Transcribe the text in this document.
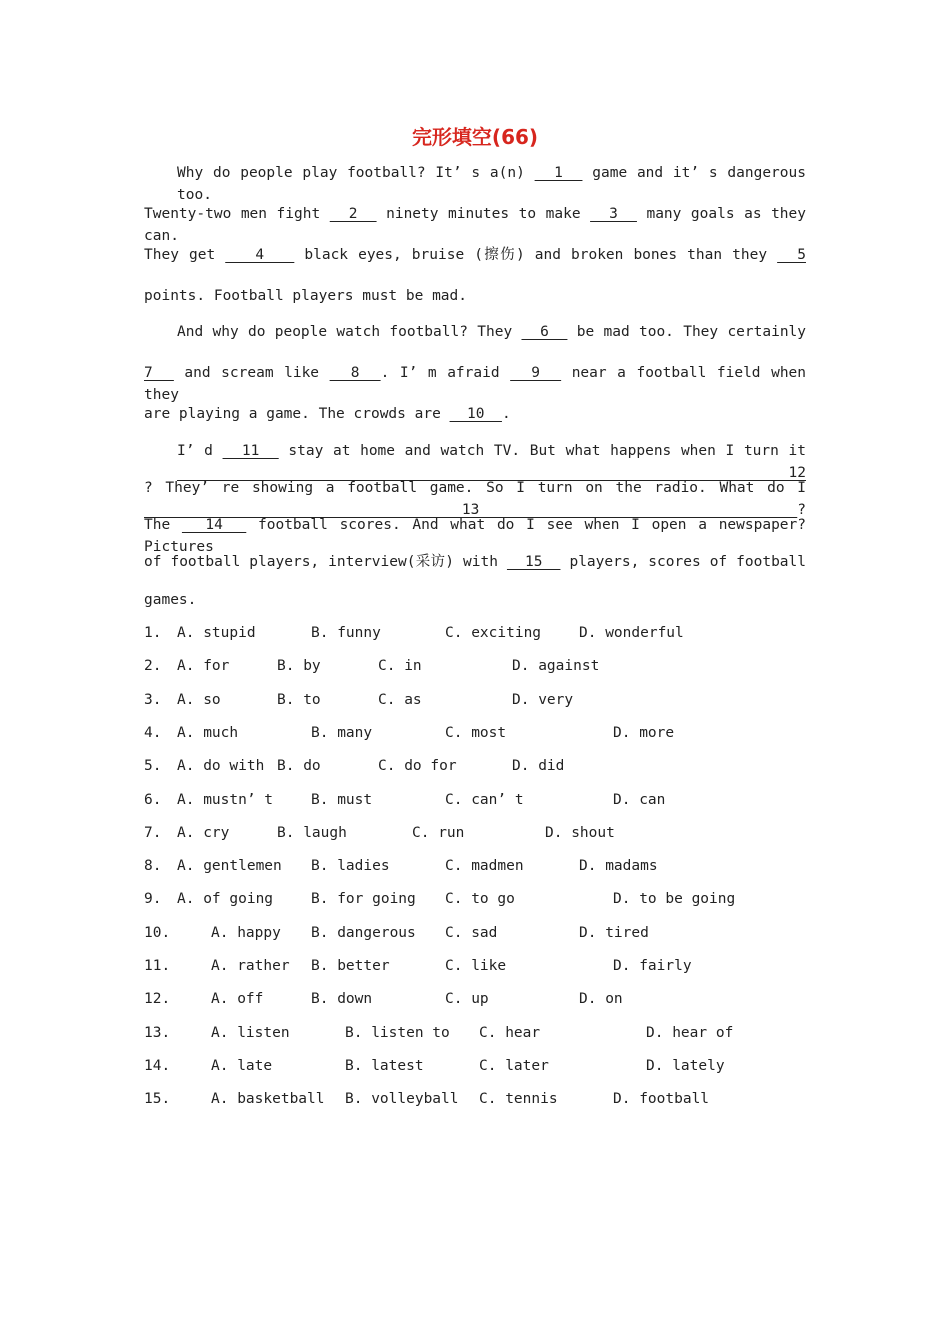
完形填空(66)
Why do people play football? It’ s a(n)   1   game and it’ s dangerous too.
Twenty-two men fight   2   ninety minutes to make   3   many goals as they can.
They get    4    black eyes, bruise (擦伤) and broken bones than they   5
points. Football players must be mad.
And why do people watch football? They   6   be mad too. They certainly
7   and scream like   8  . I’ m afraid   9   near a football field when they
are playing a game. The crowds are   10  .
I’ d   11   stay at home and watch TV. But what happens when I turn it   12
? They’ re showing a football game. So I turn on the radio. What do I   13  ?
The   14   football scores. And what do I see when I open a newspaper? Pictures
of football players, interview(采访) with   15   players, scores of football
games.
1. A. stupid	B. funny	C. exciting	D. wonderful
2. A. for	B. by	C. in	D. against
3. A. so	B. to	C. as	D. very
4. A. much	B. many	C. most	D. more
5. A. do with B. do	C. do for	D. did
6. A. mustn’ t	B. must	C. can’ t	D. can
7. A. cry	B. laugh	C. run	D. shout
8. A. gentlemen B. ladies	C. madmen	D. madams
9. A. of going	B. for going C. to go	D. to be going
10.	A. happy B. dangerous C. sad	D. tired
11.	A. rather B. better	C. like	D. fairly
12.	A. off	B. down	C. up	D. on
13.	A. listen	B. listen to C. hear	D. hear of
14.	A. late	B. latest	C. later	D. lately
15.	A. basketball B. volleyball C. tennis	D. football
